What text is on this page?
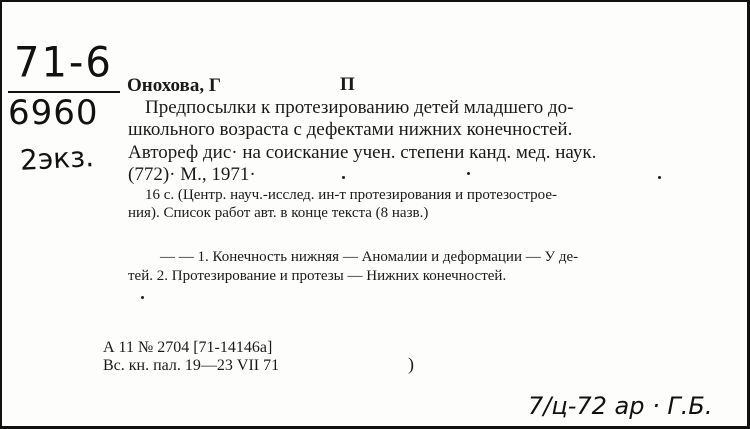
71-6
6960
2экз.
Онохова, Г	П
Предпосылки к протезированию детей младшего до-
школьного возраста с дефектами нижних конечностей.
Автореф дис· на соискание учен. степени канд. мед. наук.
(772)· М., 1971·
16 с. (Центр. науч.-исслед. ин-т протезирования и протезострое-
ния). Список работ авт. в конце текста (8 назв.)
— — 1. Конечность нижняя — Аномалии и деформации — У де-
тей. 2. Протезирование и протезы — Нижних конечностей.
А 11 № 2704 [71-14146а]
Вс. кн. пал. 19—23 VII 71	)
7/ц-72 ар · Г.Б.
